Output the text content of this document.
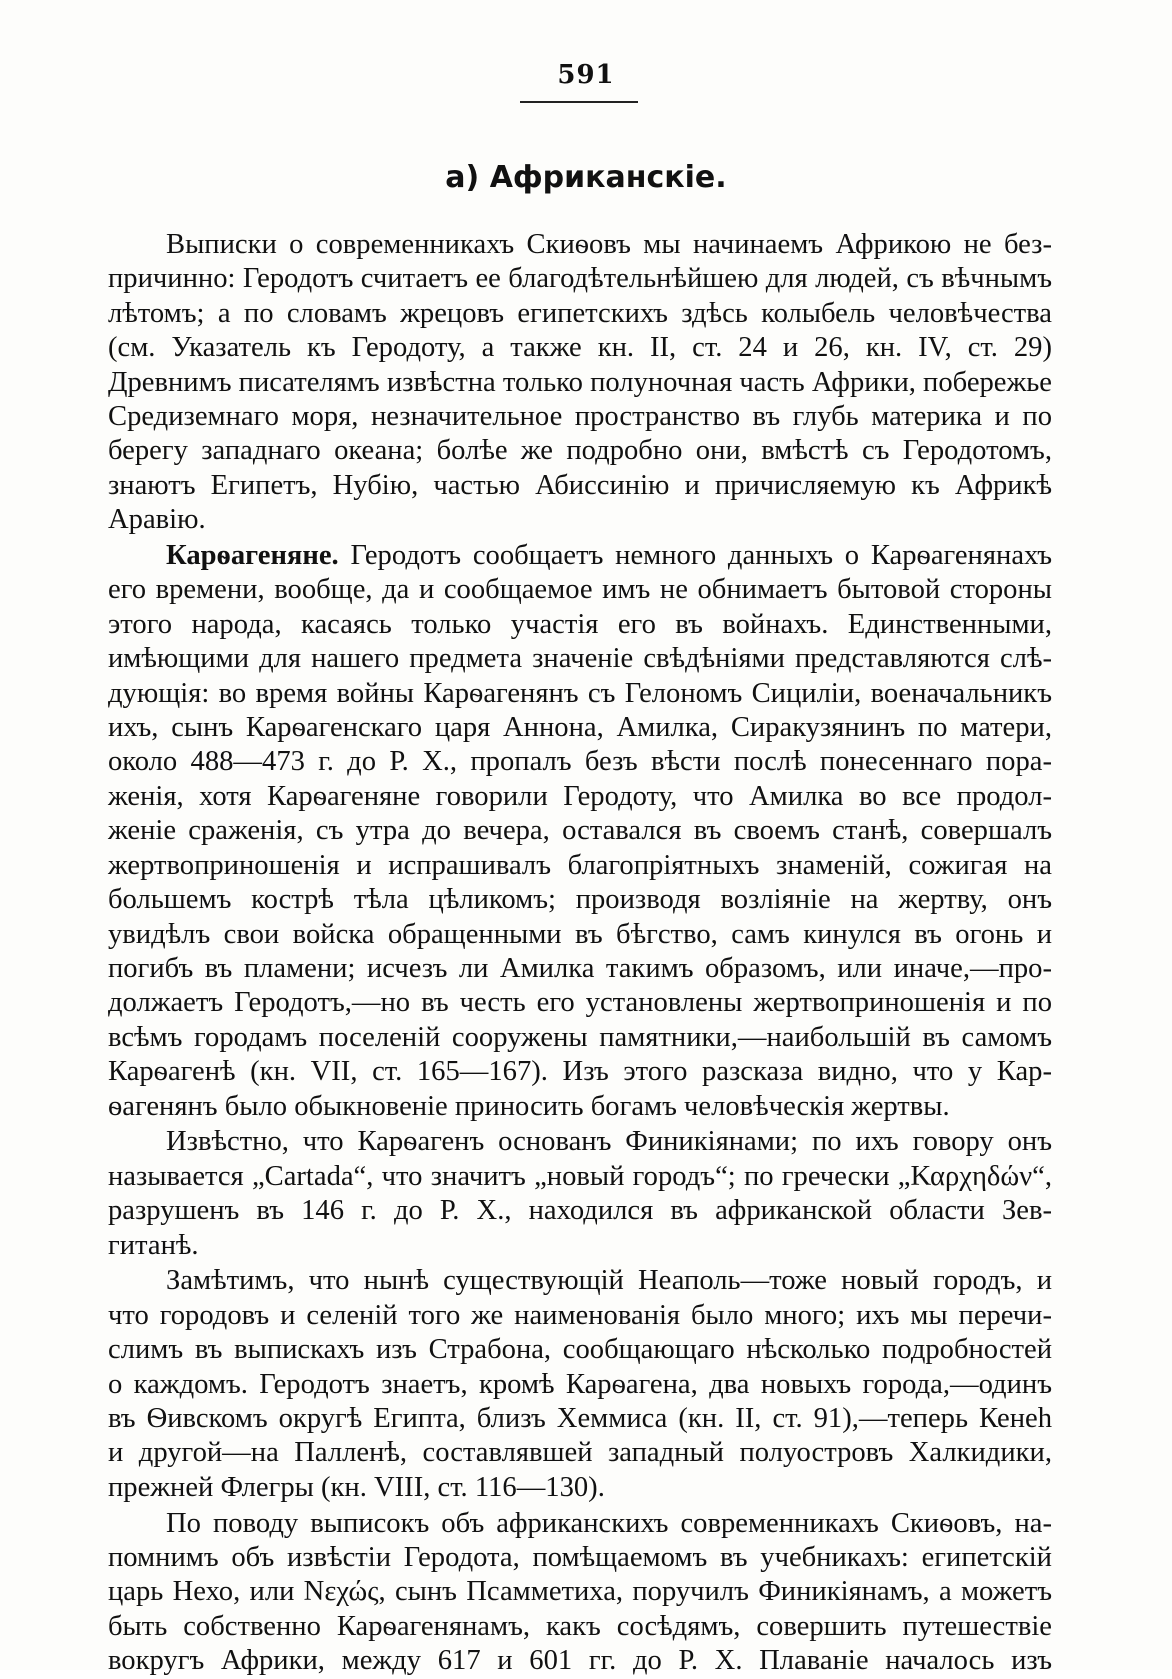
591
а) Африканскіе.
Выписки о современникахъ Скиѳовъ мы начинаемъ Африкою не без-
причинно: Геродотъ считаетъ ее благодѣтельнѣйшею для людей, съ вѣчнымъ
лѣтомъ; а по словамъ жрецовъ египетскихъ здѣсь колыбель человѣчества
(см. Указатель къ Геродоту, а также кн. II, ст. 24 и 26, кн. IV, ст. 29)
Древнимъ писателямъ извѣстна только полуночная часть Африки, побережье
Средиземнаго моря, незначительное пространство въ глубь материка и по
берегу западнаго океана; болѣе же подробно они, вмѣстѣ съ Геродотомъ,
знаютъ Египетъ, Нубію, частью Абиссинію и причисляемую къ Африкѣ
Аравію.
Карѳагеняне. Геродотъ сообщаетъ немного данныхъ о Карѳагенянахъ
его времени, вообще, да и сообщаемое имъ не обнимаетъ бытовой стороны
этого народа, касаясь только участія его въ войнахъ. Единственными,
имѣющими для нашего предмета значеніе свѣдѣніями представляются слѣ-
дующія: во время войны Карѳагенянъ съ Гелономъ Сициліи, военачальникъ
ихъ, сынъ Карѳагенскаго царя Аннона, Амилка, Сиракузянинъ по матери,
около 488—473 г. до Р. Х., пропалъ безъ вѣсти послѣ понесеннаго пора-
женія, хотя Карѳагеняне говорили Геродоту, что Амилка во все продол-
женіе сраженія, съ утра до вечера, оставался въ своемъ станѣ, совершалъ
жертвоприношенія и испрашивалъ благопріятныхъ знаменій, сожигая на
большемъ кострѣ тѣла цѣликомъ; производя возліяніе на жертву, онъ
увидѣлъ свои войска обращенными въ бѣгство, самъ кинулся въ огонь и
погибъ въ пламени; исчезъ ли Амилка такимъ образомъ, или иначе,—про-
должаетъ Геродотъ,—но въ честь его установлены жертвоприношенія и по
всѣмъ городамъ поселеній сооружены памятники,—наибольшій въ самомъ
Карѳагенѣ (кн. VII, ст. 165—167). Изъ этого разсказа видно, что у Кар-
ѳагенянъ было обыкновеніе приносить богамъ человѣческія жертвы.
Извѣстно, что Карѳагенъ основанъ Финикіянами; по ихъ говору онъ
называется „Cartada“, что значитъ „новый городъ“; по гречески „Καρχηδών“,
разрушенъ въ 146 г. до Р. Х., находился въ африканской области Зев-
гитанѣ.
Замѣтимъ, что нынѣ существующій Неаполь—тоже новый городъ, и
что городовъ и селеній того же наименованія было много; ихъ мы перечи-
слимъ въ выпискахъ изъ Страбона, сообщающаго нѣсколько подробностей
о каждомъ. Геродотъ знаетъ, кромѣ Карѳагена, два новыхъ города,—одинъ
въ Ѳивскомъ округѣ Египта, близъ Хеммиса (кн. II, ст. 91),—теперь Кенеh
и другой—на Палленѣ, составлявшей западный полуостровъ Халкидики,
прежней Флегры (кн. VIII, ст. 116—130).
По поводу выписокъ объ африканскихъ современникахъ Скиѳовъ, на-
помнимъ объ извѣстіи Геродота, помѣщаемомъ въ учебникахъ: египетскій
царь Нехо, или Νεχώς, сынъ Псамметиха, поручилъ Финикіянамъ, а можетъ
быть собственно Карѳагенянамъ, какъ сосѣдямъ, совершить путешествіе
вокругъ Африки, между 617 и 601 гг. до Р. Х. Плаваніе началось изъ
